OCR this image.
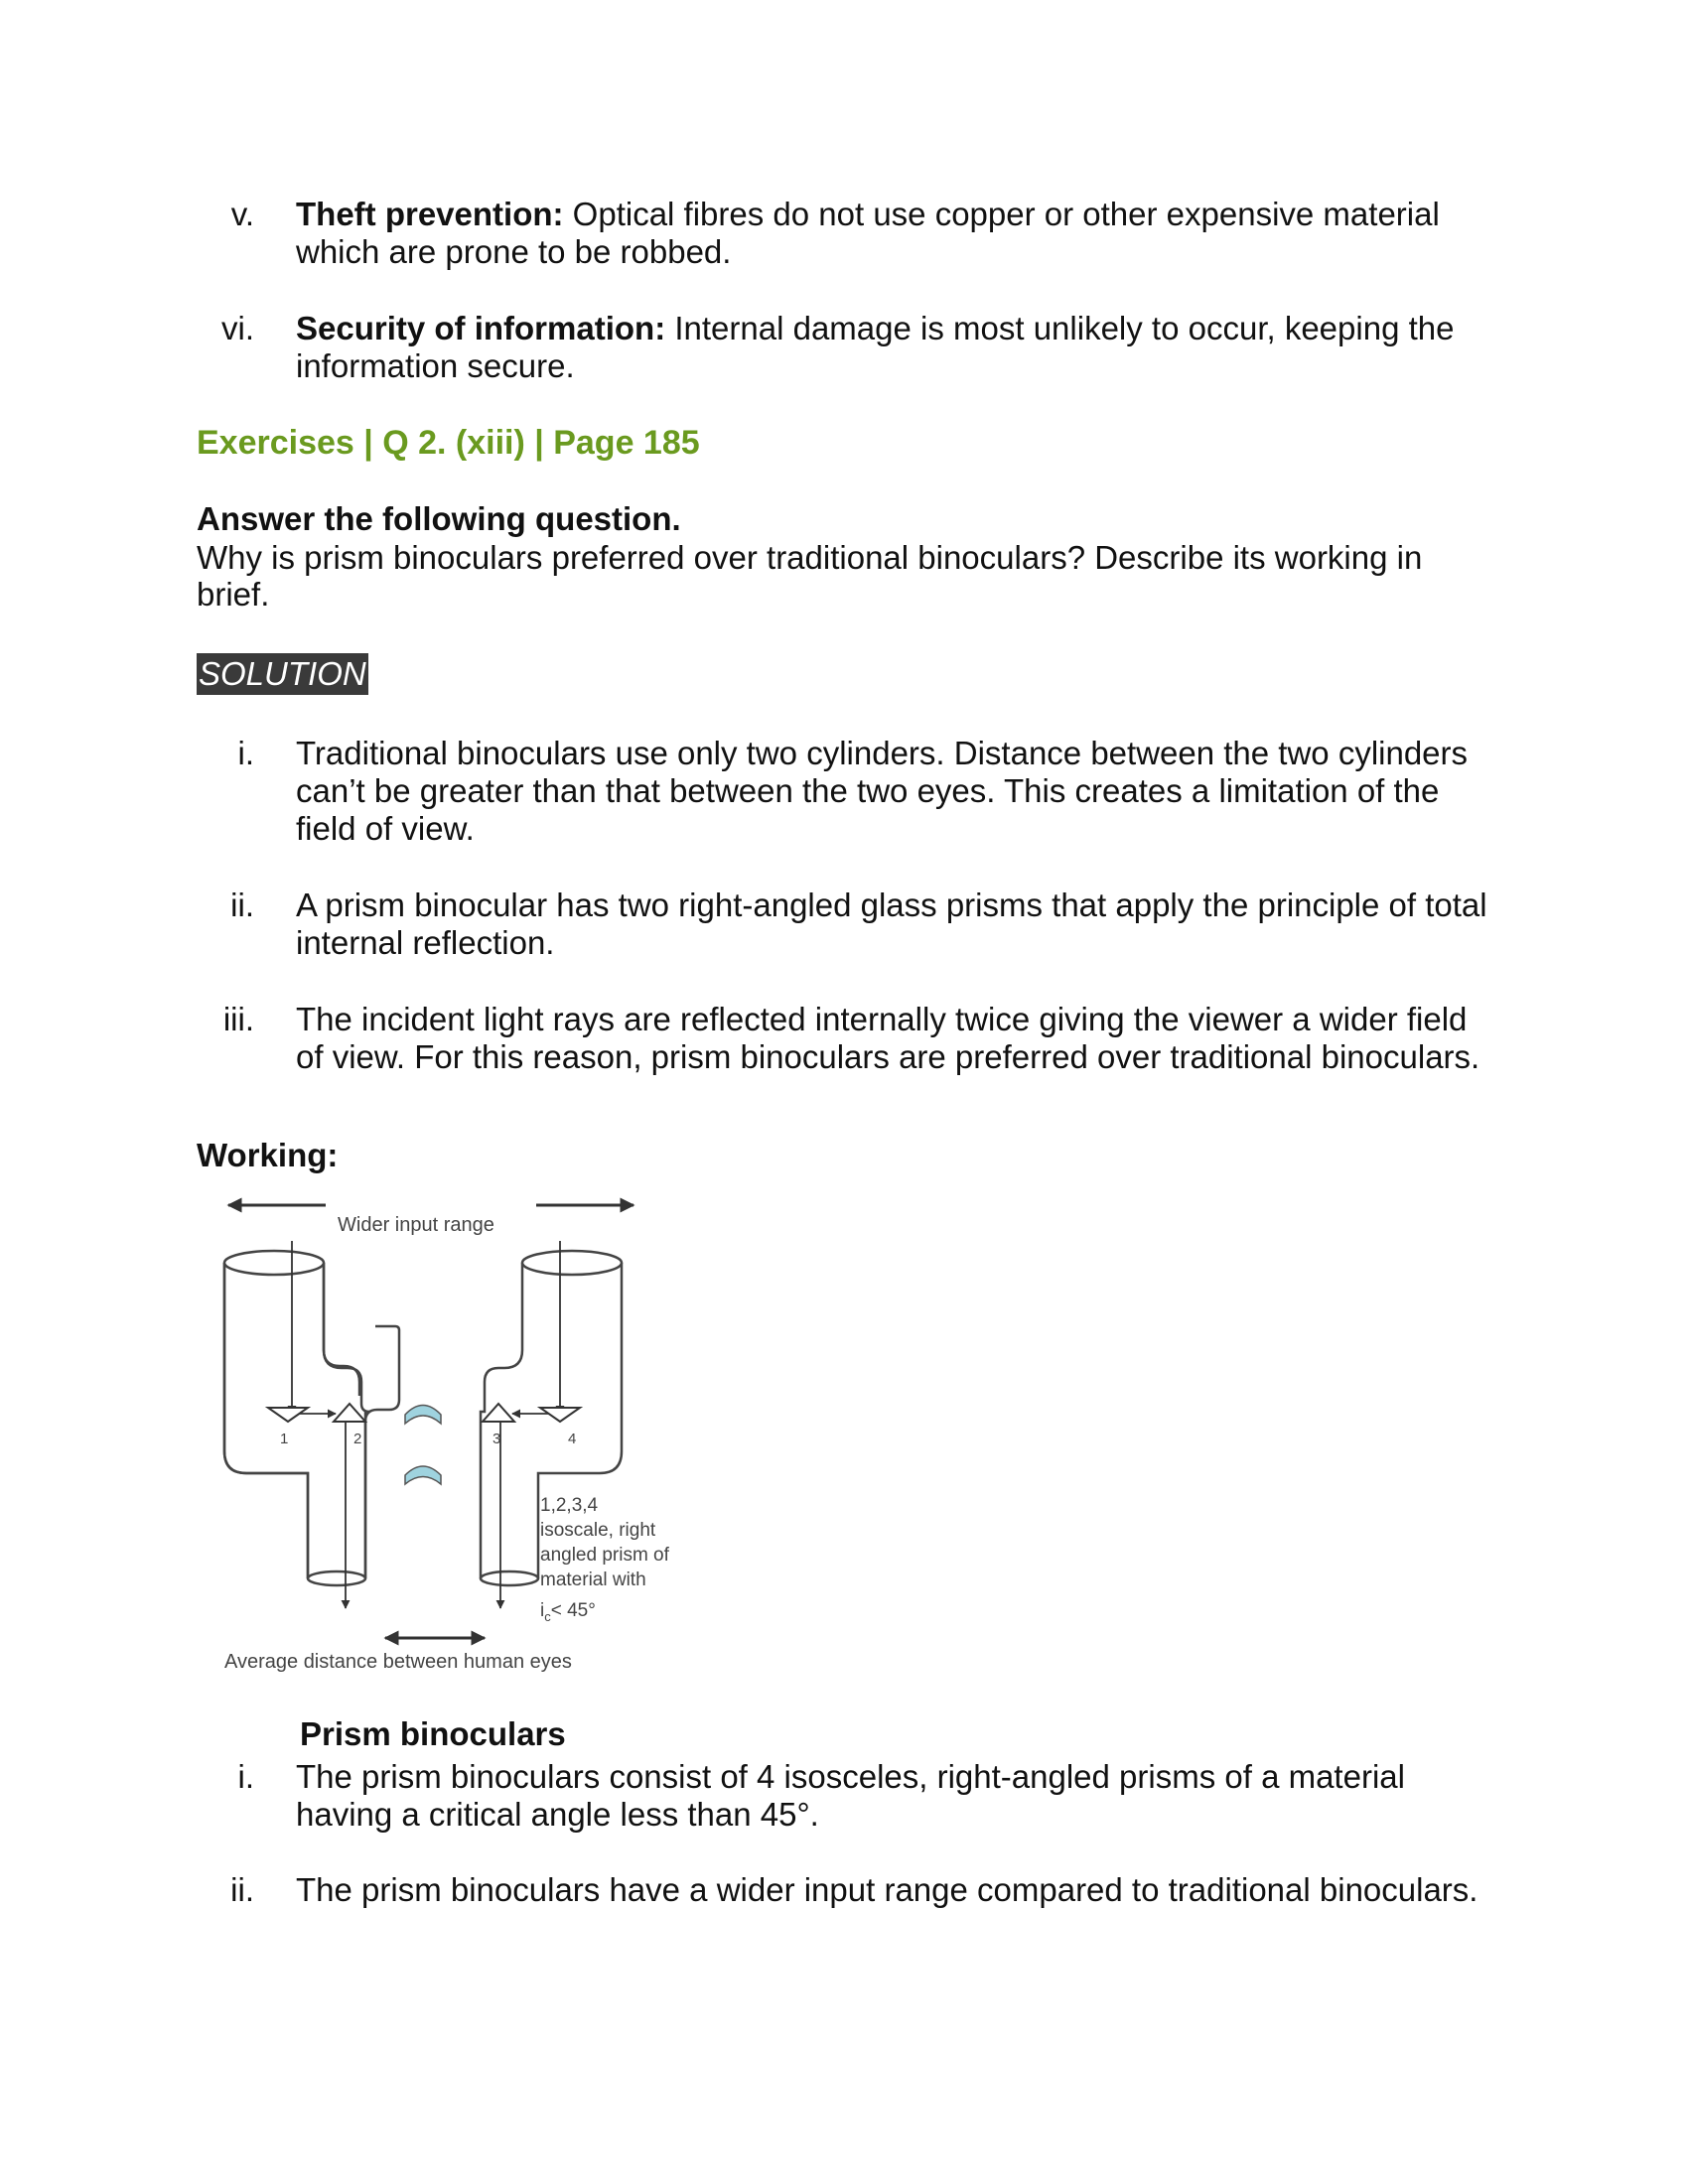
v. Theft prevention: Optical fibres do not use copper or other expensive material which are prone to be robbed.
vi. Security of information: Internal damage is most unlikely to occur, keeping the information secure.
Exercises | Q 2. (xiii) | Page 185
Answer the following question.
Why is prism binoculars preferred over traditional binoculars? Describe its working in brief.
SOLUTION
i. Traditional binoculars use only two cylinders. Distance between the two cylinders can’t be greater than that between the two eyes. This creates a limitation of the field of view.
ii. A prism binocular has two right-angled glass prisms that apply the principle of total internal reflection.
iii. The incident light rays are reflected internally twice giving the viewer a wider field of view. For this reason, prism binoculars are preferred over traditional binoculars.
Working:
Wider input range
1	2	3	4
1,2,3,4
isoscale, right
angled prism of
material with
$i_c< 45^\circ$
Average distance between human eyes
Prism binoculars
i. The prism binoculars consist of 4 isosceles, right-angled prisms of a material having a critical angle less than 45°.
ii. The prism binoculars have a wider input range compared to traditional binoculars.
